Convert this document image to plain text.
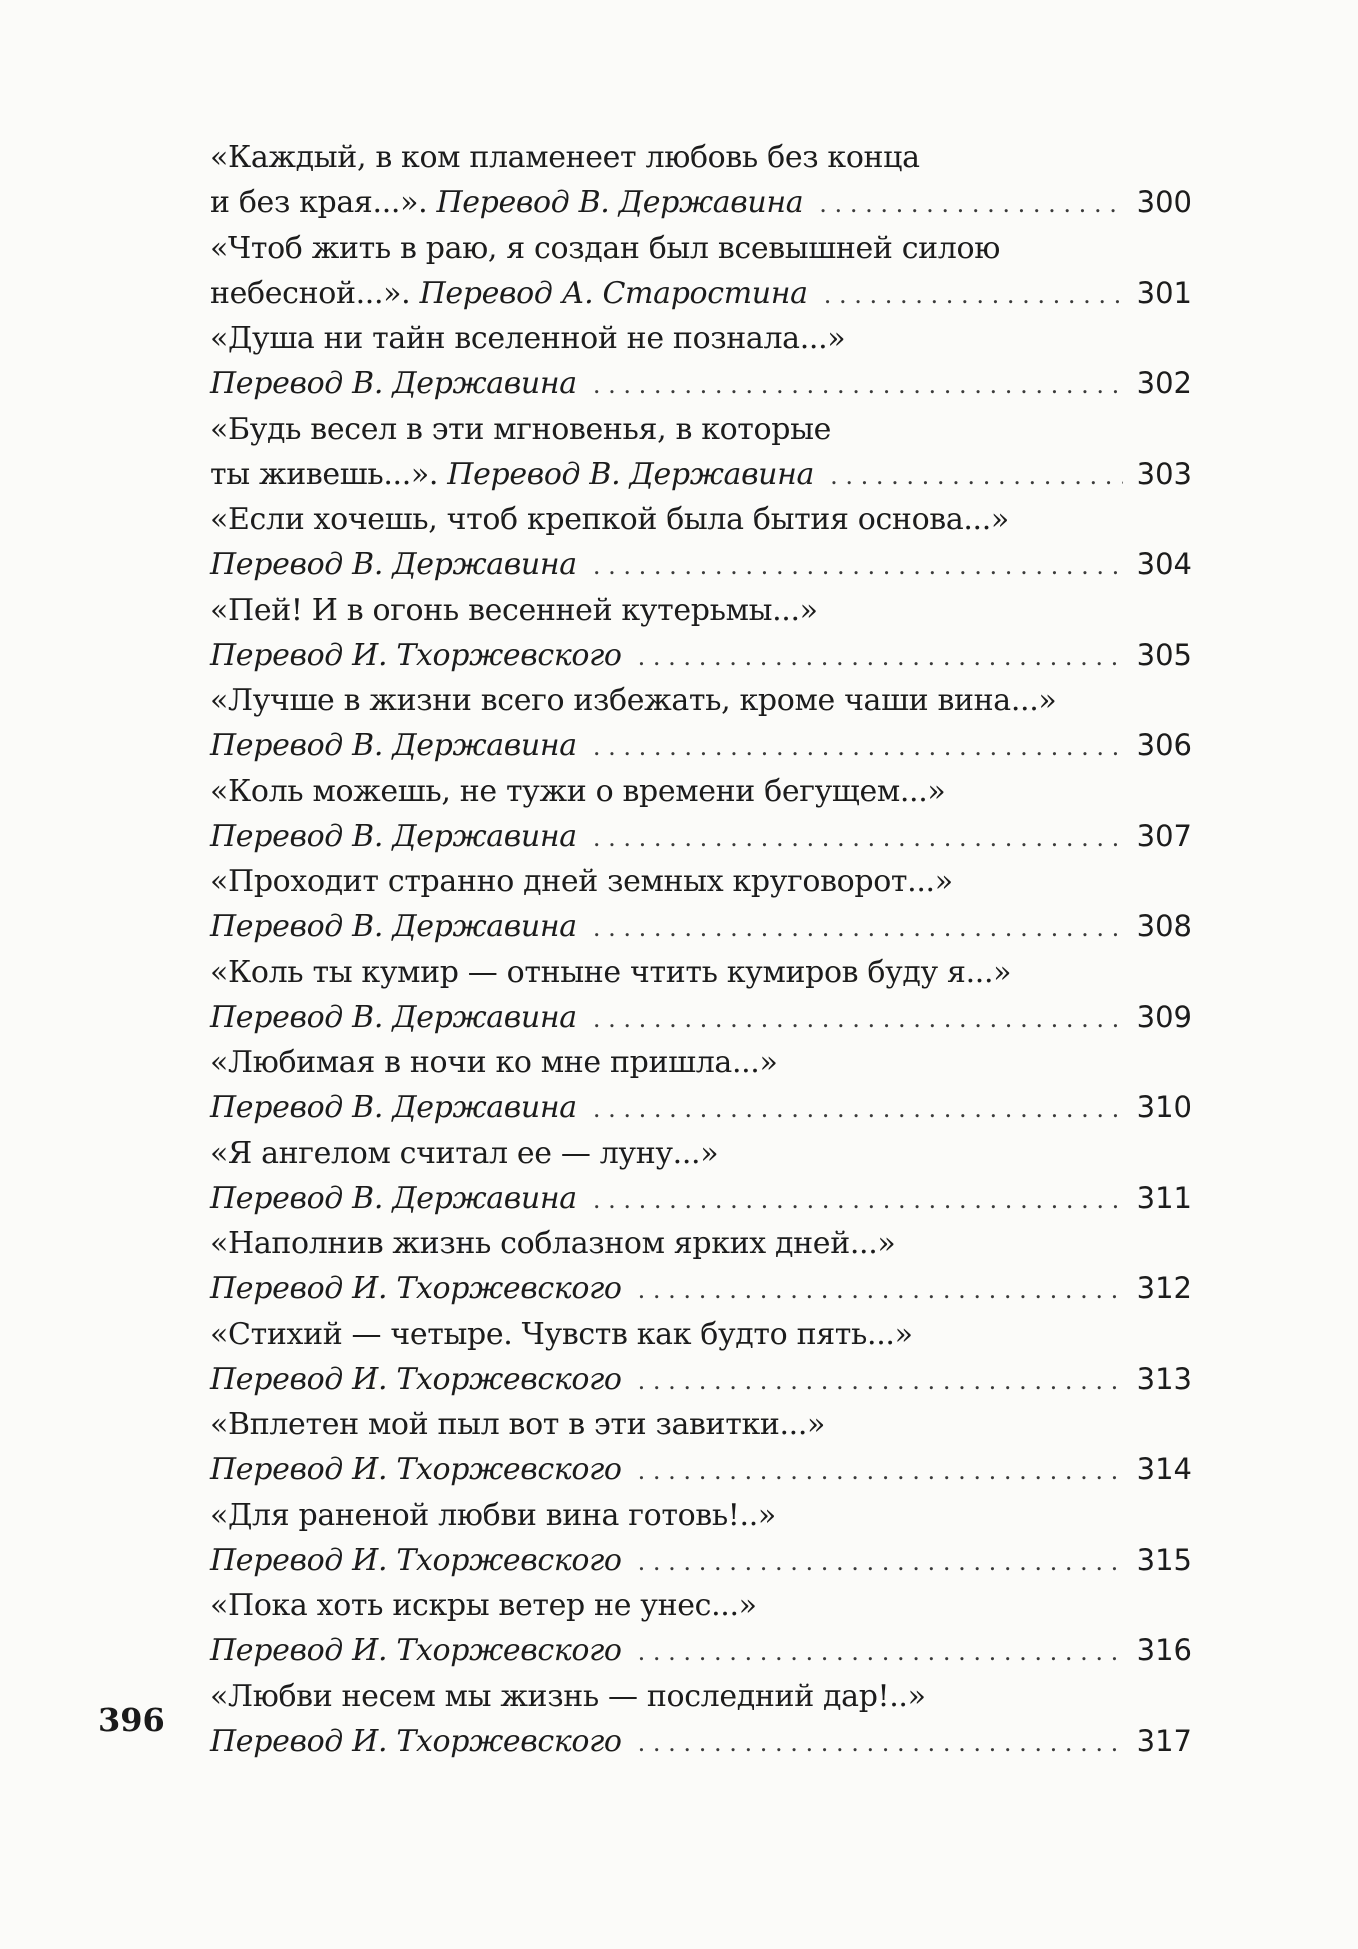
«Каждый, в ком пламенеет любовь без конца
и без края...». Перевод В. Державина . . .	300
«Чтоб жить в раю, я создан был всевышней силою
небесной...». Перевод А. Старостина . . .	301
«Душа ни тайн вселенной не познала...»
Перевод В. Державина . . .	302
«Будь весел в эти мгновенья, в которые
ты живешь...». Перевод В. Державина . . .	303
«Если хочешь, чтоб крепкой была бытия основа...»
Перевод В. Державина . . .	304
«Пей! И в огонь весенней кутерьмы...»
Перевод И. Тхоржевского . . .	305
«Лучше в жизни всего избежать, кроме чаши вина...»
Перевод В. Державина . . .	306
«Коль можешь, не тужи о времени бегущем...»
Перевод В. Державина . . .	307
«Проходит странно дней земных круговорот...»
Перевод В. Державина . . .	308
«Коль ты кумир — отныне чтить кумиров буду я...»
Перевод В. Державина . . .	309
«Любимая в ночи ко мне пришла...»
Перевод В. Державина . . .	310
«Я ангелом считал ее — луну...»
Перевод В. Державина . . .	311
«Наполнив жизнь соблазном ярких дней...»
Перевод И. Тхоржевского . . .	312
«Стихий — четыре. Чувств как будто пять...»
Перевод И. Тхоржевского . . .	313
«Вплетен мой пыл вот в эти завитки...»
Перевод И. Тхоржевского . . .	314
«Для раненой любви вина готовь!..»
Перевод И. Тхоржевского . . .	315
«Пока хоть искры ветер не унес...»
Перевод И. Тхоржевского . . .	316
«Любви несем мы жизнь — последний дар!..»
Перевод И. Тхоржевского . . .	317
396
